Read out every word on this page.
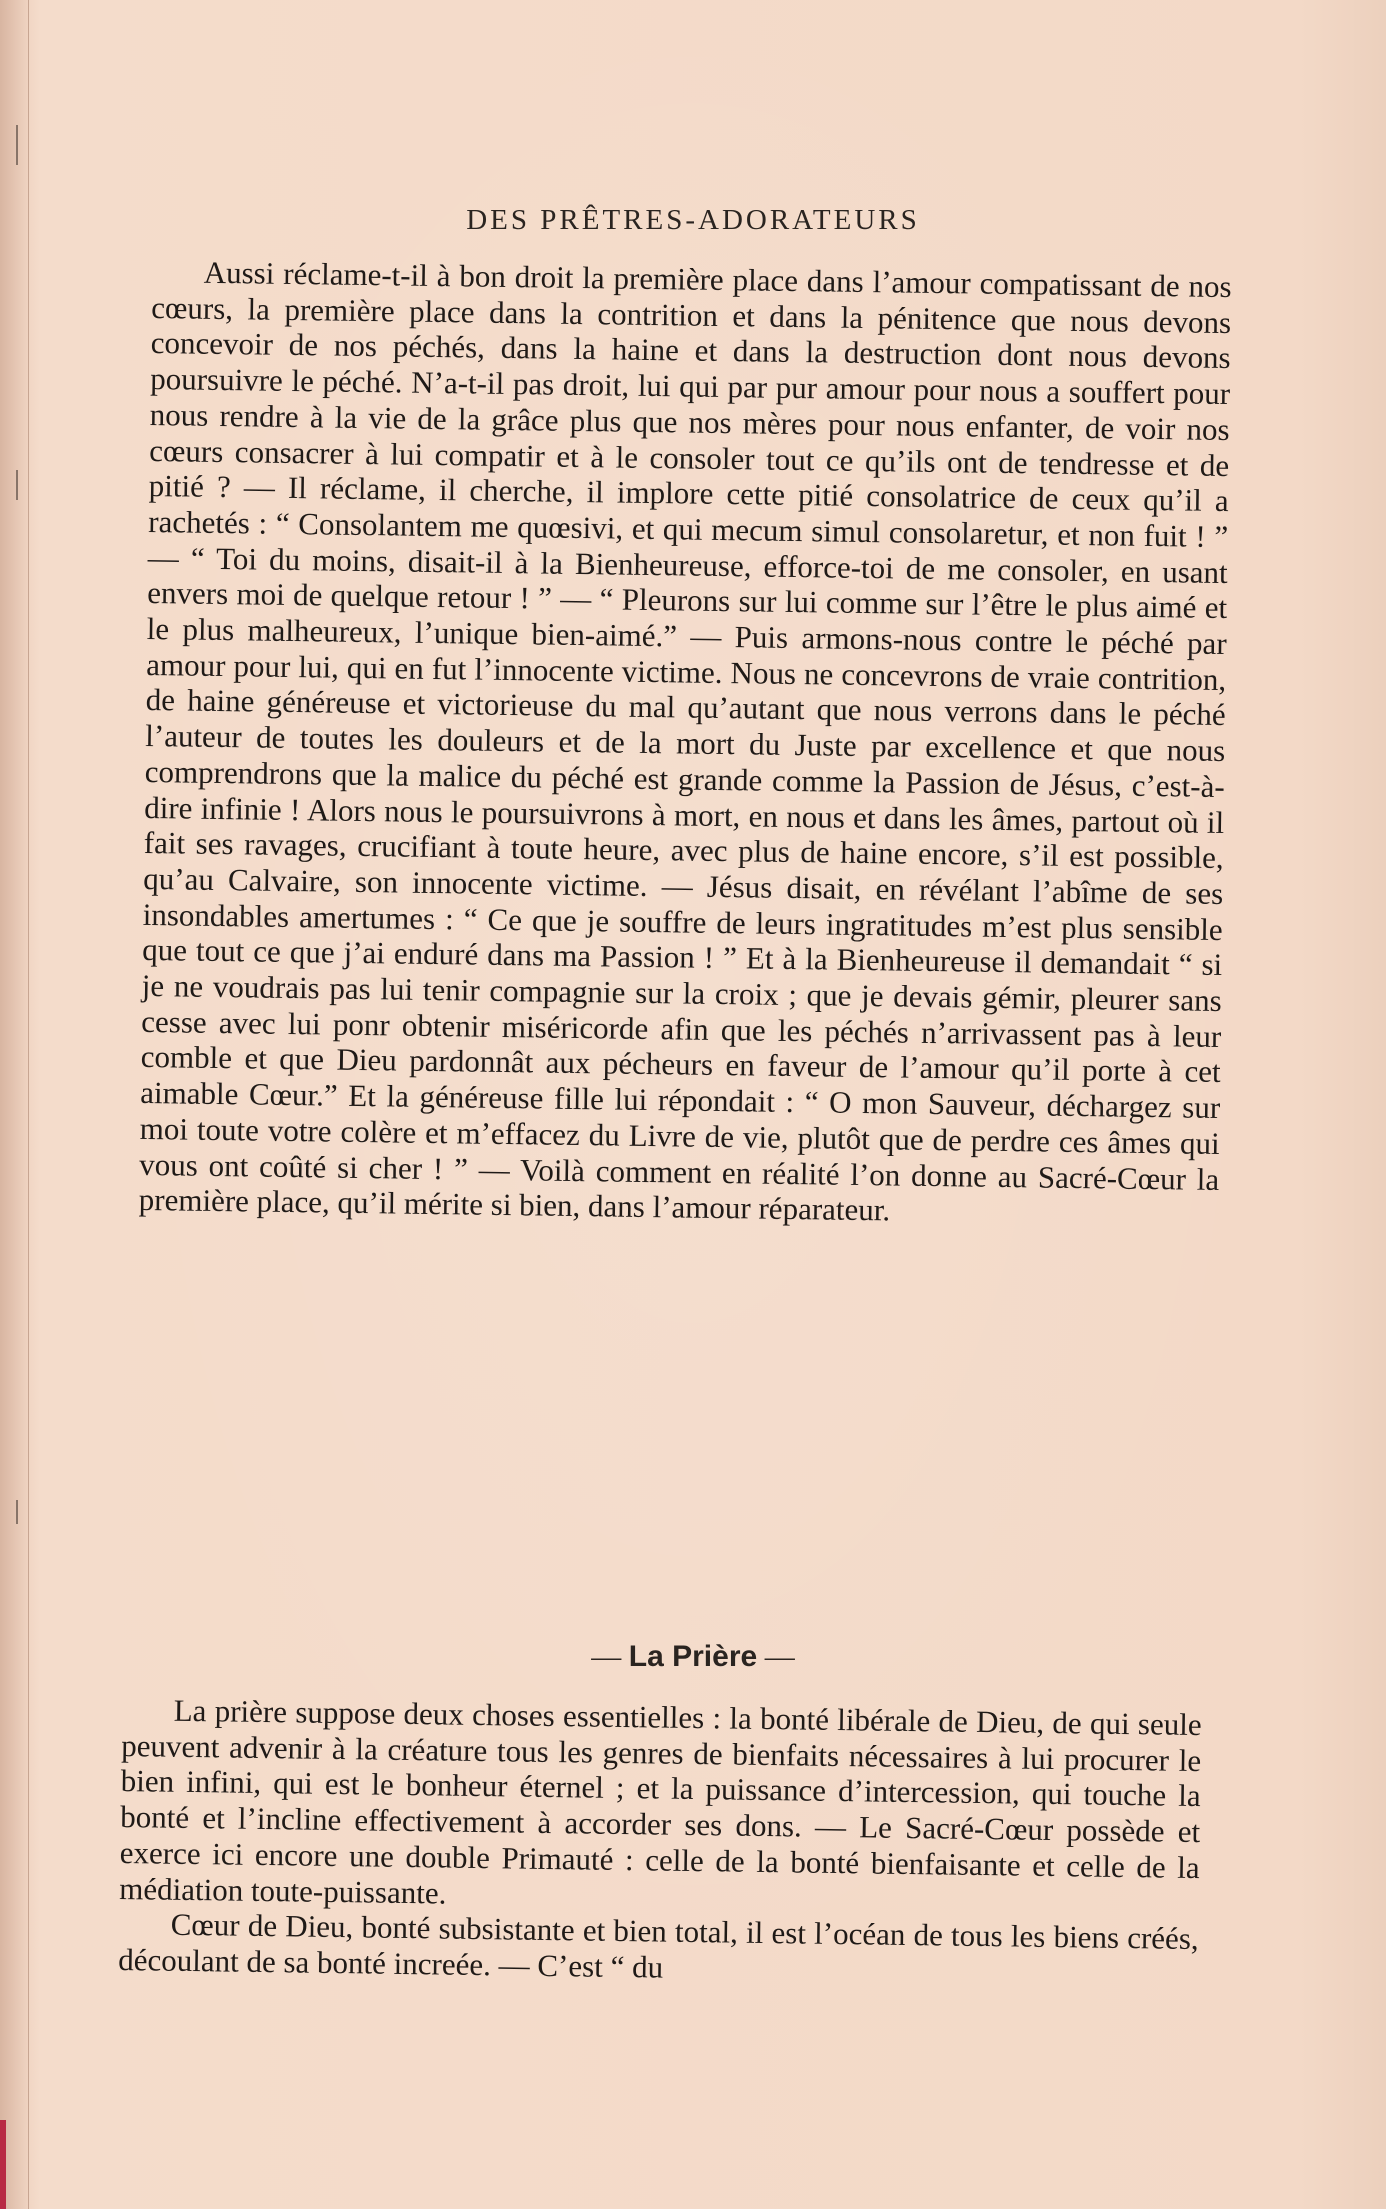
DES PRÊTRES-ADORATEURS

Aussi réclame-t-il à bon droit la première place dans l’amour compatissant de nos cœurs, la première place dans la contrition et dans la pénitence que nous devons concevoir de nos péchés, dans la haine et dans la destruction dont nous devons poursuivre le péché. N’a-t-il pas droit, lui qui par pur amour pour nous a souffert pour nous rendre à la vie de la grâce plus que nos mères pour nous enfanter, de voir nos cœurs consacrer à lui compatir et à le consoler tout ce qu’ils ont de tendresse et de pitié ? — Il réclame, il cherche, il implore cette pitié consolatrice de ceux qu’il a rachetés : “ Consolantem me quœsivi, et qui mecum simul consolaretur, et non fuit ! ” — “ Toi du moins, disait-il à la Bienheureuse, efforce-toi de me consoler, en usant envers moi de quelque retour ! ” — “ Pleurons sur lui comme sur l’être le plus aimé et le plus malheureux, l’unique bien-aimé.” — Puis armons-nous contre le péché par amour pour lui, qui en fut l’innocente victime. Nous ne concevrons de vraie contrition, de haine généreuse et victorieuse du mal qu’autant que nous verrons dans le péché l’auteur de toutes les douleurs et de la mort du Juste par excellence et que nous comprendrons que la malice du péché est grande comme la Passion de Jésus, c’est-à-dire infinie ! Alors nous le poursuivrons à mort, en nous et dans les âmes, partout où il fait ses ravages, crucifiant à toute heure, avec plus de haine encore, s’il est possible, qu’au Calvaire, son innocente victime. — Jésus disait, en révélant l’abîme de ses insondables amertumes : “ Ce que je souffre de leurs ingratitudes m’est plus sensible que tout ce que j’ai enduré dans ma Passion ! ” Et à la Bienheureuse il demandait “ si je ne voudrais pas lui tenir compagnie sur la croix ; que je devais gémir, pleurer sans cesse avec lui ponr obtenir miséricorde afin que les péchés n’arrivassent pas à leur comble et que Dieu pardonnât aux pécheurs en faveur de l’amour qu’il porte à cet aimable Cœur.” Et la généreuse fille lui répondait : “ O mon Sauveur, déchargez sur moi toute votre colère et m’effacez du Livre de vie, plutôt que de perdre ces âmes qui vous ont coûté si cher ! ” — Voilà comment en réalité l’on donne au Sacré-Cœur la première place, qu’il mérite si bien, dans l’amour réparateur.

— La Prière —

La prière suppose deux choses essentielles : la bonté libérale de Dieu, de qui seule peuvent advenir à la créature tous les genres de bienfaits nécessaires à lui procurer le bien infini, qui est le bonheur éternel ; et la puissance d’intercession, qui touche la bonté et l’incline effectivement à accorder ses dons. — Le Sacré-Cœur possède et exerce ici encore une double Primauté : celle de la bonté bienfaisante et celle de la médiation toute-puissante.

Cœur de Dieu, bonté subsistante et bien total, il est l’océan de tous les biens créés, découlant de sa bonté increée. — C’est “ du
